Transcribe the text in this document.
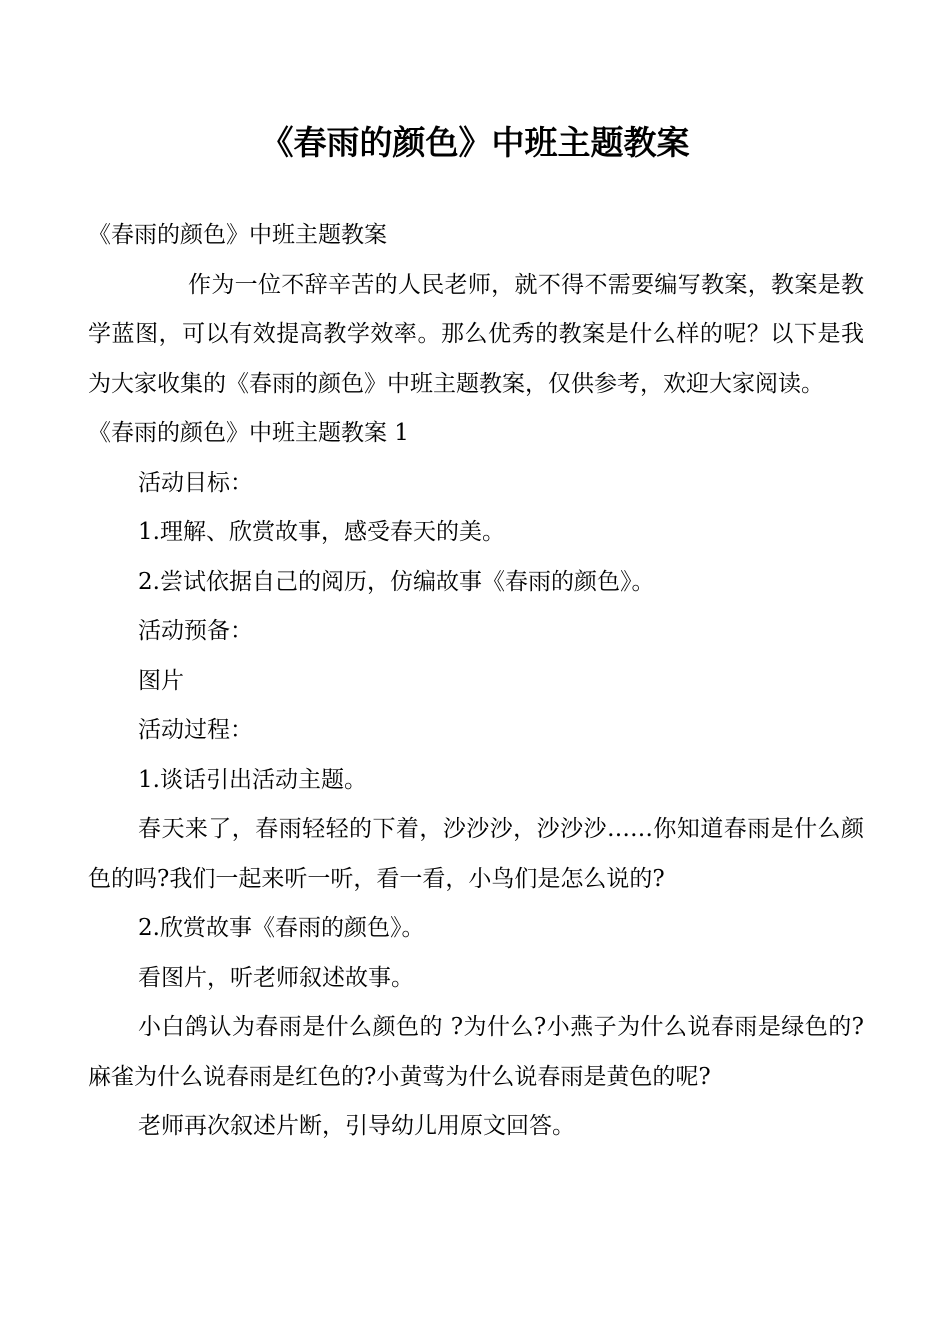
《春雨的颜色》中班主题教案

《春雨的颜色》中班主题教案

作为一位不辞辛苦的人民老师，就不得不需要编写教案，教案是教学蓝图，可以有效提高教学效率。那么优秀的教案是什么样的呢？以下是我为大家收集的《春雨的颜色》中班主题教案，仅供参考，欢迎大家阅读。

《春雨的颜色》中班主题教案 1

活动目标：

1.理解、欣赏故事，感受春天的美。

2.尝试依据自己的阅历，仿编故事《春雨的颜色》。

活动预备：

图片

活动过程：

1.谈话引出活动主题。

春天来了，春雨轻轻的下着，沙沙沙，沙沙沙……你知道春雨是什么颜色的吗?我们一起来听一听，看一看，小鸟们是怎么说的?

2.欣赏故事《春雨的颜色》。

看图片，听老师叙述故事。

小白鸽认为春雨是什么颜色的 ?为什么?小燕子为什么说春雨是绿色的?麻雀为什么说春雨是红色的?小黄莺为什么说春雨是黄色的呢?

老师再次叙述片断，引导幼儿用原文回答。
